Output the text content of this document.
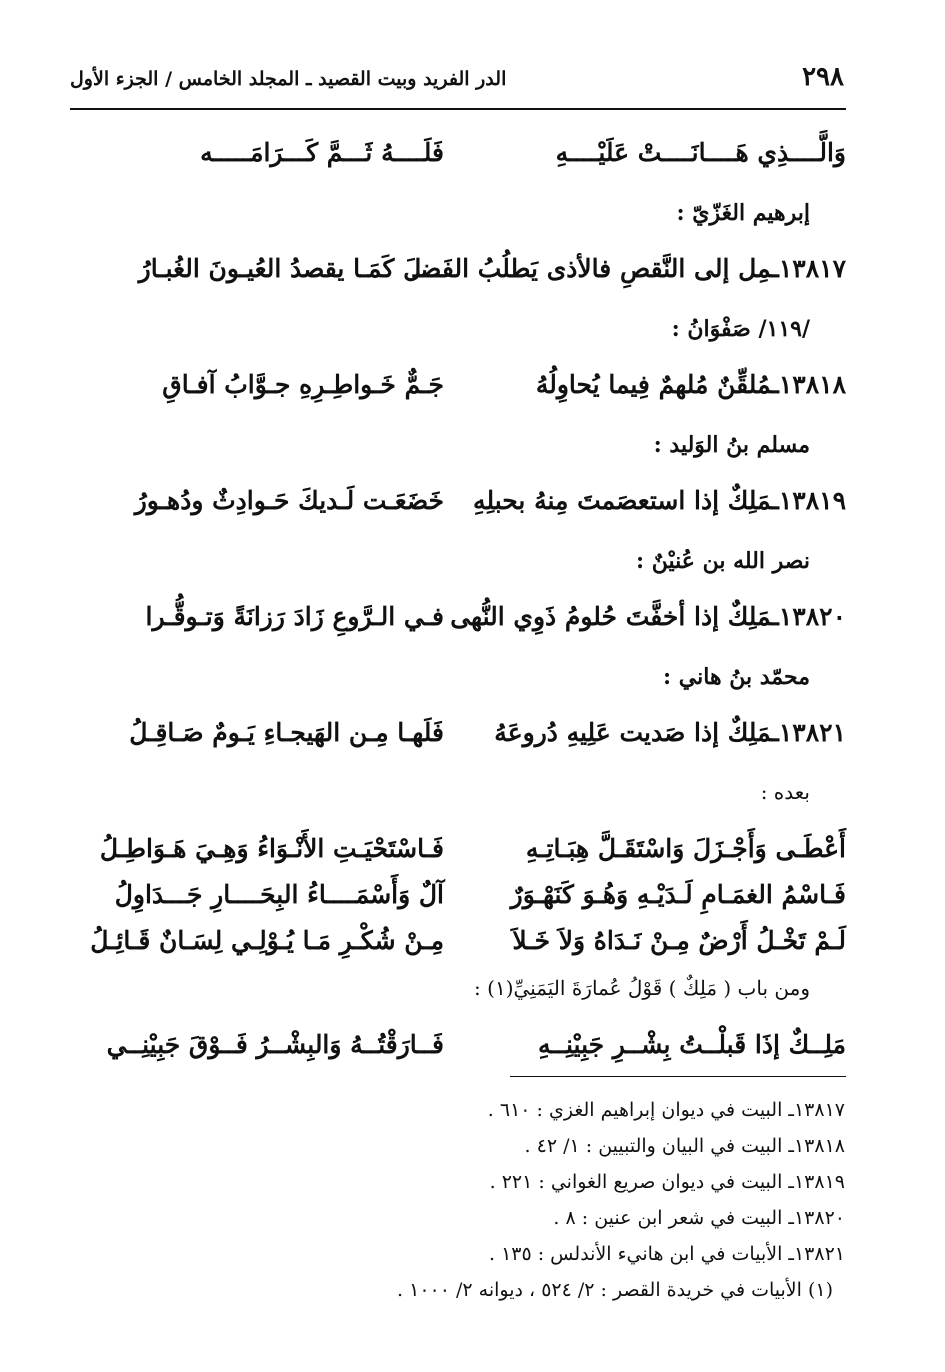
٢٩٨
الدر الفريد وبيت القصيد ـ المجلد الخامس / الجزء الأول
وَالَّــــذِي هَــــانَــــتْ عَلَيْــــهِ
فَلَــــهُ ثَـــمَّ كَـــرَامَـــــه
إبرهيم الغَزّيّ :
١٣٨١٧ـمِل إلى النَّقصِ فالأذى يَطلُبُ الفَضـ
ـــلَ كَمَـا يقصدُ العُيـونَ الغُبـارُ
/١١٩/ صَفْوَانُ :
١٣٨١٨ـمُلقِّنٌ مُلهمٌ فِيما يُحاوِلُهُ
جَـمٌّ خَـواطِـرِهِ جـوَّابُ آفـاقِ
مسلم بنُ الوَليد :
١٣٨١٩ـمَلِكٌ إذا استعصَمتَ مِنهُ بحبلِهِ
خَضَعَـت لَـديكَ حَـوادِثٌ ودُهـورُ
نصر الله بن عُنيْنٌ :
١٣٨٢٠ـمَلِكٌ إذا أخفَّتَ حُلومُ ذَوِي النُّهى
فـي الـرَّوعِ زَادَ رَزانَةً وَتـوقُّـرا
محمّد بنُ هاني :
١٣٨٢١ـمَلِكٌ إذا صَديت عَلِيهِ دُروعَهُ
فَلَهـا مِـن الهَيجـاءِ يَـومٌ صَـاقِـلُ
بعده :
أَعْطَـى وَأَجْـزَلَ وَاسْتَقَـلَّ هِبَـاتِـهِ
فَـاسْتَحْيَـتِ الأَنْـوَاءُ وَهِـيَ هَـوَاطِـلُ
فَـاسْمُ الغمَـامِ لَـدَيْـهِ وَهُـوَ كَنَهْـوَرٌ
آلٌ وَأَسْمَــــاءُ البِحَــــارِ جَـــدَاوِلُ
لَـمْ تَخْـلُ أَرْضٌ مِـنْ نَـدَاهُ وَلاَ خَـلاَ
مِـنْ شُكْـرِ مَـا يُـوْلِـي لِسَـانٌ قَـائِـلُ
ومن باب ( مَلِكٌ ) قَوْلُ عُمارَةَ اليَمَنِيِّ(١) :
مَلِــكٌ إذَا قَبلْــتُ بِشْــرِ جَبِيْنِــهِ
فَــارَقْتُــهُ وَالبِشْــرُ فَــوْقَ جَبِيْنِــي
١٣٨١٧ـ البيت في ديوان إبراهيم الغزي : ٦١٠ .
١٣٨١٨ـ البيت في البيان والتبيين : ١/ ٤٢ .
١٣٨١٩ـ البيت في ديوان صريع الغواني : ٢٢١ .
١٣٨٢٠ـ البيت في شعر ابن عنين : ٨ .
١٣٨٢١ـ الأبيات في ابن هانيء الأندلس : ١٣٥ .
(١) الأبيات في خريدة القصر : ٢/ ٥٢٤ ، ديوانه ٢/ ١٠٠٠ .
